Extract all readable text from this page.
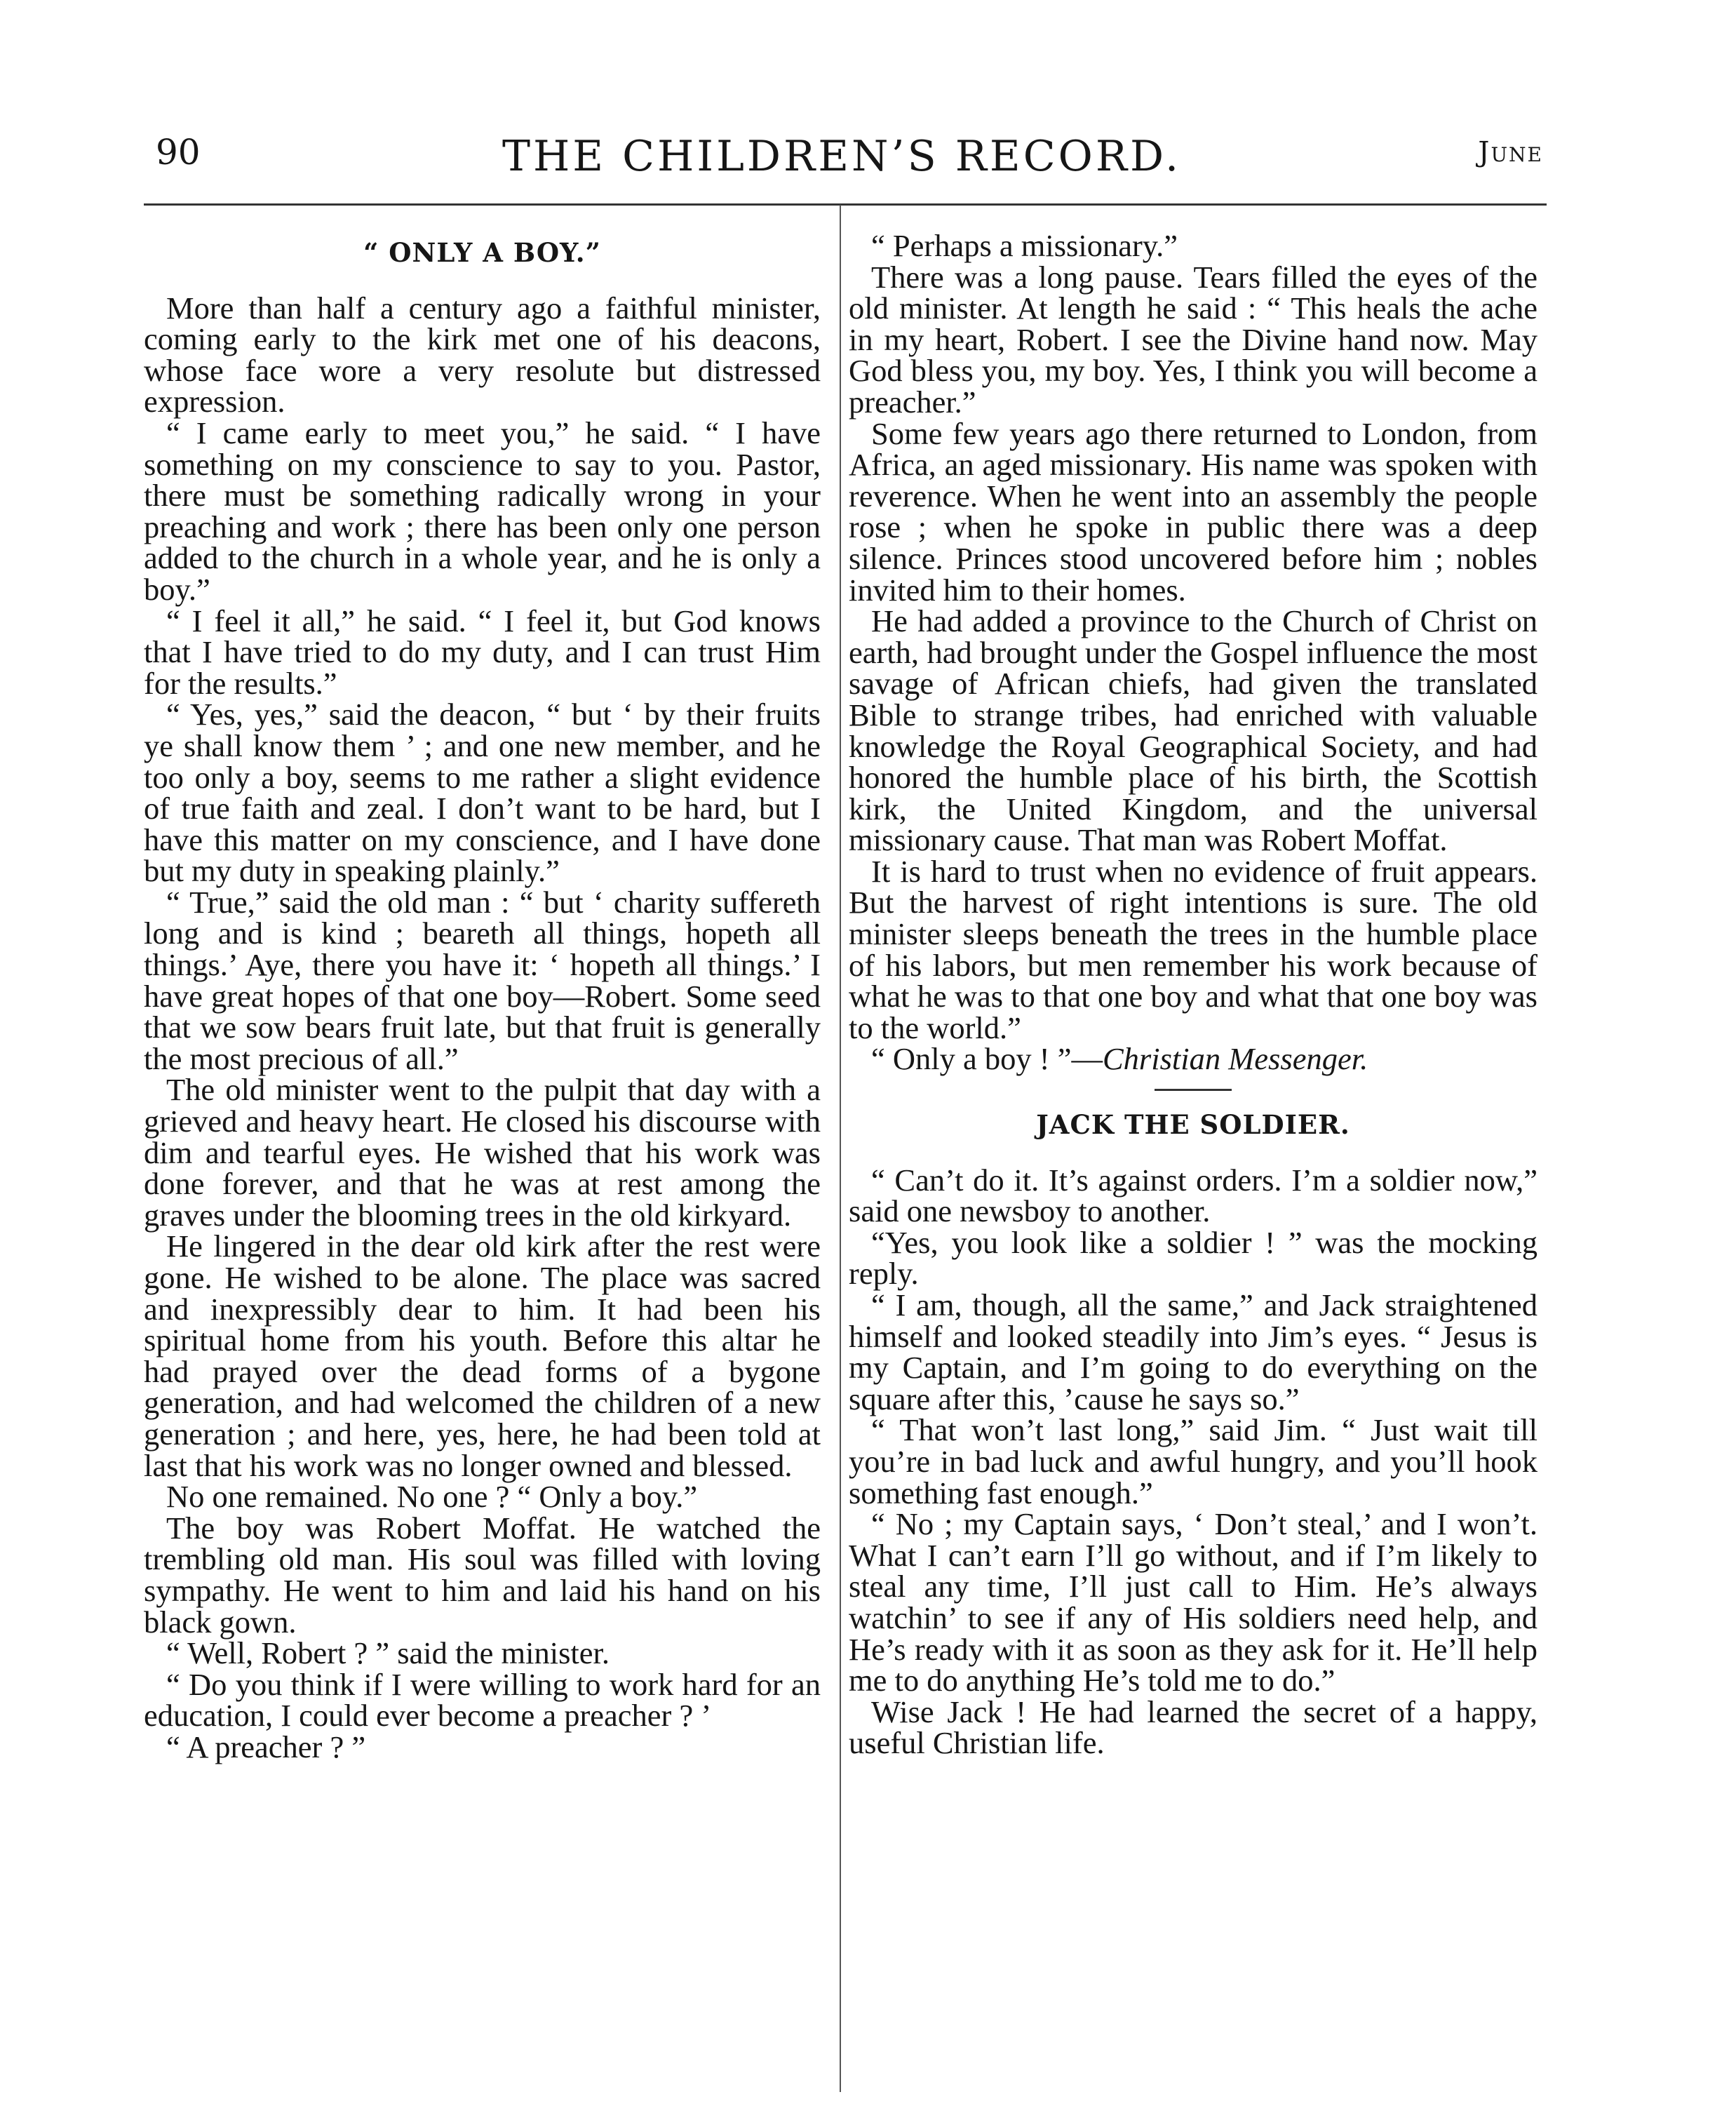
90	THE CHILDREN’S RECORD.	June
“ ONLY A BOY.”

More than half a century ago a faithful minister, coming early to the kirk met one of his deacons, whose face wore a very resolute but distressed expression.

“ I came early to meet you,” he said. “ I have something on my conscience to say to you. Pastor, there must be something radically wrong in your preaching and work ; there has been only one person added to the church in a whole year, and he is only a boy.”

“ I feel it all,” he said. “ I feel it, but God knows that I have tried to do my duty, and I can trust Him for the results.”

“ Yes, yes,” said the deacon, “ but ‘ by their fruits ye shall know them ’ ; and one new member, and he too only a boy, seems to me rather a slight evidence of true faith and zeal. I don’t want to be hard, but I have this matter on my conscience, and I have done but my duty in speaking plainly.”

“ True,” said the old man : “ but ‘ charity suffereth long and is kind ; beareth all things, hopeth all things.’ Aye, there you have it: ‘ hopeth all things.’ I have great hopes of that one boy—Robert. Some seed that we sow bears fruit late, but that fruit is generally the most precious of all.”

The old minister went to the pulpit that day with a grieved and heavy heart. He closed his discourse with dim and tearful eyes. He wished that his work was done forever, and that he was at rest among the graves under the blooming trees in the old kirkyard.

He lingered in the dear old kirk after the rest were gone. He wished to be alone. The place was sacred and inexpressibly dear to him. It had been his spiritual home from his youth. Before this altar he had prayed over the dead forms of a bygone generation, and had welcomed the children of a new generation ; and here, yes, here, he had been told at last that his work was no longer owned and blessed.

No one remained. No one ? “ Only a boy.”

The boy was Robert Moffat. He watched the trembling old man. His soul was filled with loving sympathy. He went to him and laid his hand on his black gown.

“ Well, Robert ? ” said the minister.

“ Do you think if I were willing to work hard for an education, I could ever become a preacher ? ’

“ A preacher ? ”

“ Perhaps a missionary.”

There was a long pause. Tears filled the eyes of the old minister. At length he said : “ This heals the ache in my heart, Robert. I see the Divine hand now. May God bless you, my boy. Yes, I think you will become a preacher.”

Some few years ago there returned to London, from Africa, an aged missionary. His name was spoken with reverence. When he went into an assembly the people rose ; when he spoke in public there was a deep silence. Princes stood uncovered before him ; nobles invited him to their homes.

He had added a province to the Church of Christ on earth, had brought under the Gospel influence the most savage of African chiefs, had given the translated Bible to strange tribes, had enriched with valuable knowledge the Royal Geographical Society, and had honored the humble place of his birth, the Scottish kirk, the United Kingdom, and the universal missionary cause. That man was Robert Moffat.

It is hard to trust when no evidence of fruit appears. But the harvest of right intentions is sure. The old minister sleeps beneath the trees in the humble place of his labors, but men remember his work because of what he was to that one boy and what that one boy was to the world.”

“ Only a boy ! ”—Christian Messenger.

JACK THE SOLDIER.

“ Can’t do it. It’s against orders. I’m a soldier now,” said one newsboy to another.

“Yes, you look like a soldier ! ” was the mocking reply.

“ I am, though, all the same,” and Jack straightened himself and looked steadily into Jim’s eyes. “ Jesus is my Captain, and I’m going to do everything on the square after this, ’cause he says so.”

“ That won’t last long,” said Jim. “ Just wait till you’re in bad luck and awful hungry, and you’ll hook something fast enough.”

“ No ; my Captain says, ‘ Don’t steal,’ and I won’t. What I can’t earn I’ll go without, and if I’m likely to steal any time, I’ll just call to Him. He’s always watchin’ to see if any of His soldiers need help, and He’s ready with it as soon as they ask for it. He’ll help me to do anything He’s told me to do.”

Wise Jack ! He had learned the secret of a happy, useful Christian life.
